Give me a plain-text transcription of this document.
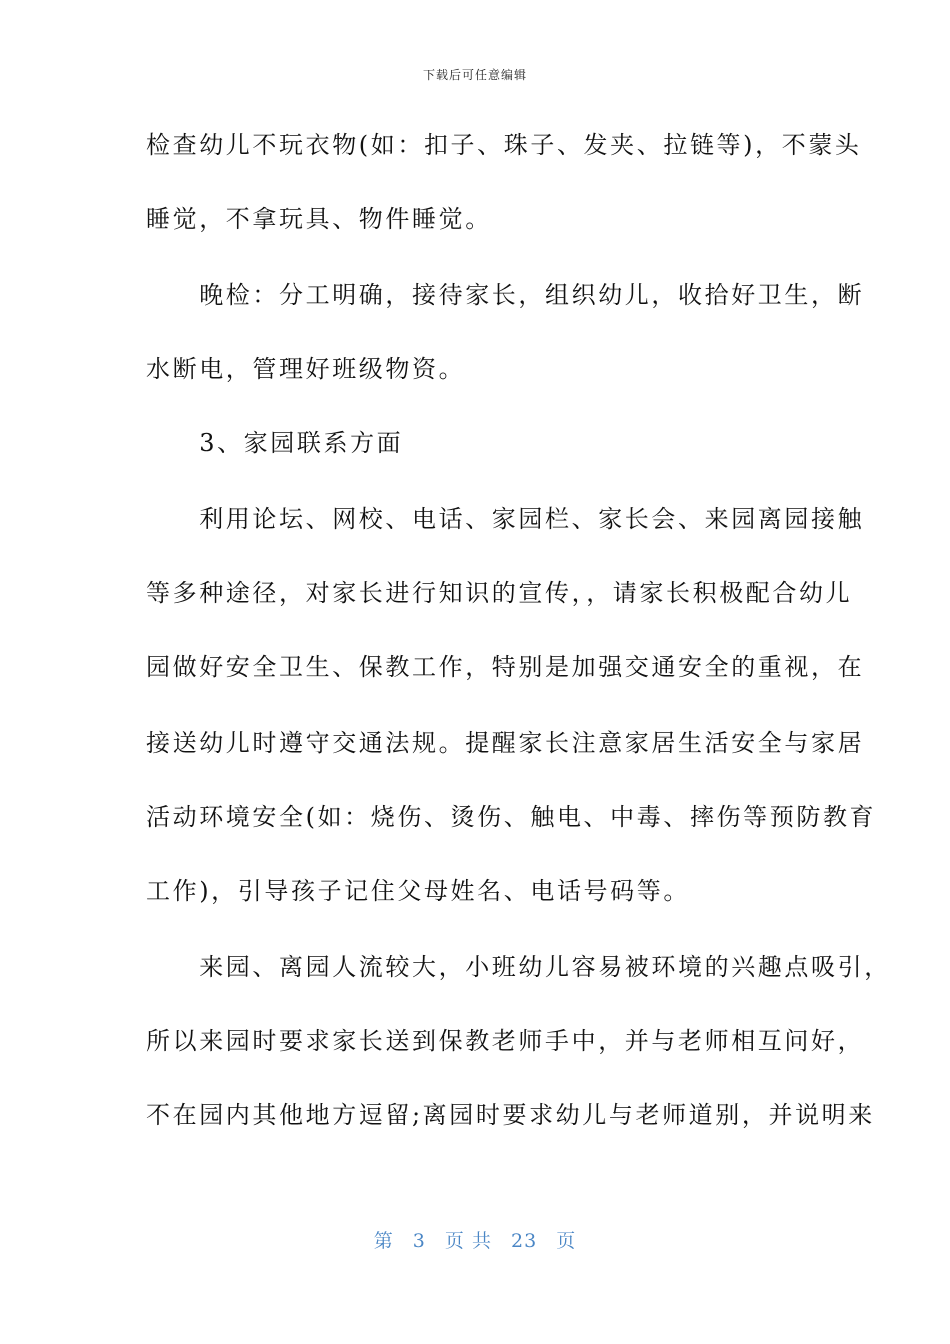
下载后可任意编辑
检查幼儿不玩衣物(如：扣子、珠子、发夹、拉链等)，不蒙头
睡觉，不拿玩具、物件睡觉。
　　晚检：分工明确，接待家长，组织幼儿，收拾好卫生，断
水断电，管理好班级物资。
　　3、家园联系方面
　　利用论坛、网校、电话、家园栏、家长会、来园离园接触
等多种途径，对家长进行知识的宣传，，请家长积极配合幼儿
园做好安全卫生、保教工作，特别是加强交通安全的重视，在
接送幼儿时遵守交通法规。提醒家长注意家居生活安全与家居
活动环境安全(如：烧伤、烫伤、触电、中毒、摔伤等预防教育
工作)，引导孩子记住父母姓名、电话号码等。
　　来园、离园人流较大，小班幼儿容易被环境的兴趣点吸引，
所以来园时要求家长送到保教老师手中，并与老师相互问好，
不在园内其他地方逗留;离园时要求幼儿与老师道别，并说明来
第 3 页 共 23 页
